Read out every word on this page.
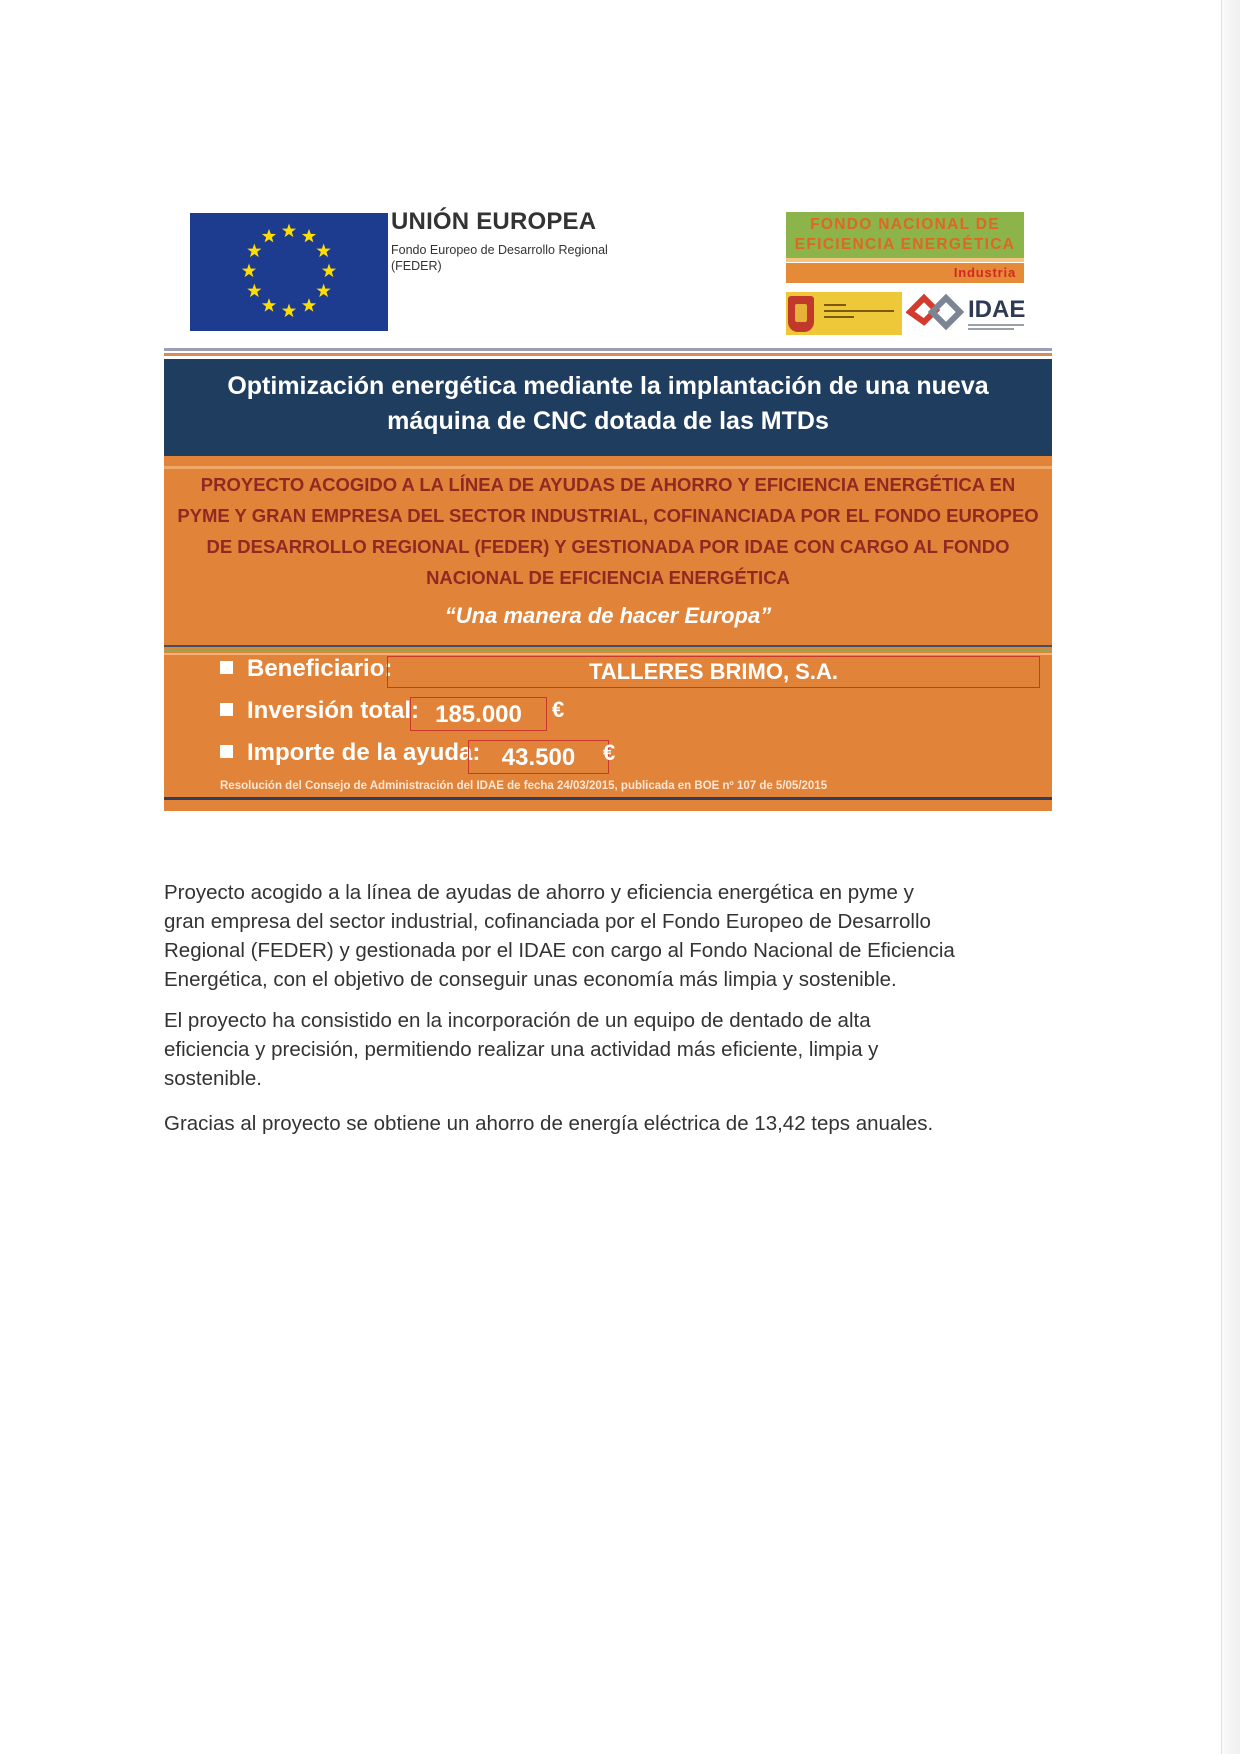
UNIÓN EUROPEA
Fondo Europeo de Desarrollo Regional
(FEDER)
FONDO NACIONAL DE
EFICIENCIA ENERGÉTICA
Industria
IDAE
Optimización energética mediante la implantación de una nueva
máquina de CNC dotada de las MTDs
PROYECTO ACOGIDO A LA LÍNEA DE AYUDAS DE AHORRO Y EFICIENCIA ENERGÉTICA EN
PYME Y GRAN EMPRESA DEL SECTOR INDUSTRIAL, COFINANCIADA POR EL FONDO EUROPEO
DE DESARROLLO REGIONAL (FEDER) Y GESTIONADA POR IDAE CON CARGO AL FONDO
NACIONAL DE EFICIENCIA ENERGÉTICA
“Una manera de hacer Europa”
Beneficiario:	TALLERES BRIMO, S.A.
Inversión total: 185.000	€
Importe de la ayuda: 43.500	€
Resolución del Consejo de Administración del IDAE de fecha 24/03/2015, publicada en BOE nº 107 de 5/05/2015
Proyecto acogido a la línea de ayudas de ahorro y eficiencia energética en pyme y
gran empresa del sector industrial, cofinanciada por el Fondo Europeo de Desarrollo
Regional (FEDER) y gestionada por el IDAE con cargo al Fondo Nacional de Eficiencia
Energética, con el objetivo de conseguir unas economía más limpia y sostenible.
El proyecto ha consistido en la incorporación de un equipo de dentado de alta
eficiencia y precisión, permitiendo realizar una actividad más eficiente, limpia y
sostenible.
Gracias al proyecto se obtiene un ahorro de energía eléctrica de 13,42 teps anuales.
